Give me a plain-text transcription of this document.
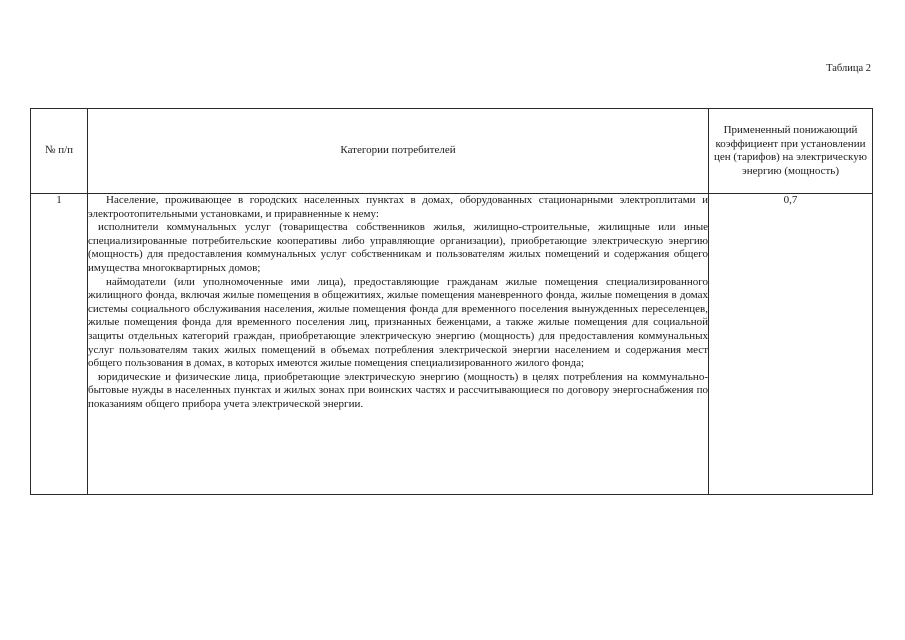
Таблица 2
№ п/п	Категории потребителей	Примененный понижающий коэффициент при установлении цен (тарифов) на электрическую энергию (мощность)
1	Население, проживающее в городских населенных пунктах в домах, оборудованных стационарными электроплитами и электроотопительными установками, и приравненные к нему:

исполнители коммунальных услуг (товарищества собственников жилья, жилищно-строительные, жилищные или иные специализированные потребительские кооперативы либо управляющие организации), приобретающие электрическую энергию (мощность) для предоставления коммунальных услуг собственникам и пользователям жилых помещений и содержания общего имущества многоквартирных домов;

наймодатели (или уполномоченные ими лица), предоставляющие гражданам жилые помещения специализированного жилищного фонда, включая жилые помещения в общежитиях, жилые помещения маневренного фонда, жилые помещения в домах системы социального обслуживания населения, жилые помещения фонда для временного поселения вынужденных переселенцев, жилые помещения фонда для временного поселения лиц, признанных беженцами, а также жилые помещения для социальной защиты отдельных категорий граждан, приобретающие электрическую энергию (мощность) для предоставления коммунальных услуг пользователям таких жилых помещений в объемах потребления электрической энергии населением и содержания мест общего пользования в домах, в которых имеются жилые помещения специализированного жилого фонда;

юридические и физические лица, приобретающие электрическую энергию (мощность) в целях потребления на коммунально-бытовые нужды в населенных пунктах и жилых зонах при воинских частях и рассчитывающиеся по договору энергоснабжения по показаниям общего прибора учета электрической энергии.	0,7
